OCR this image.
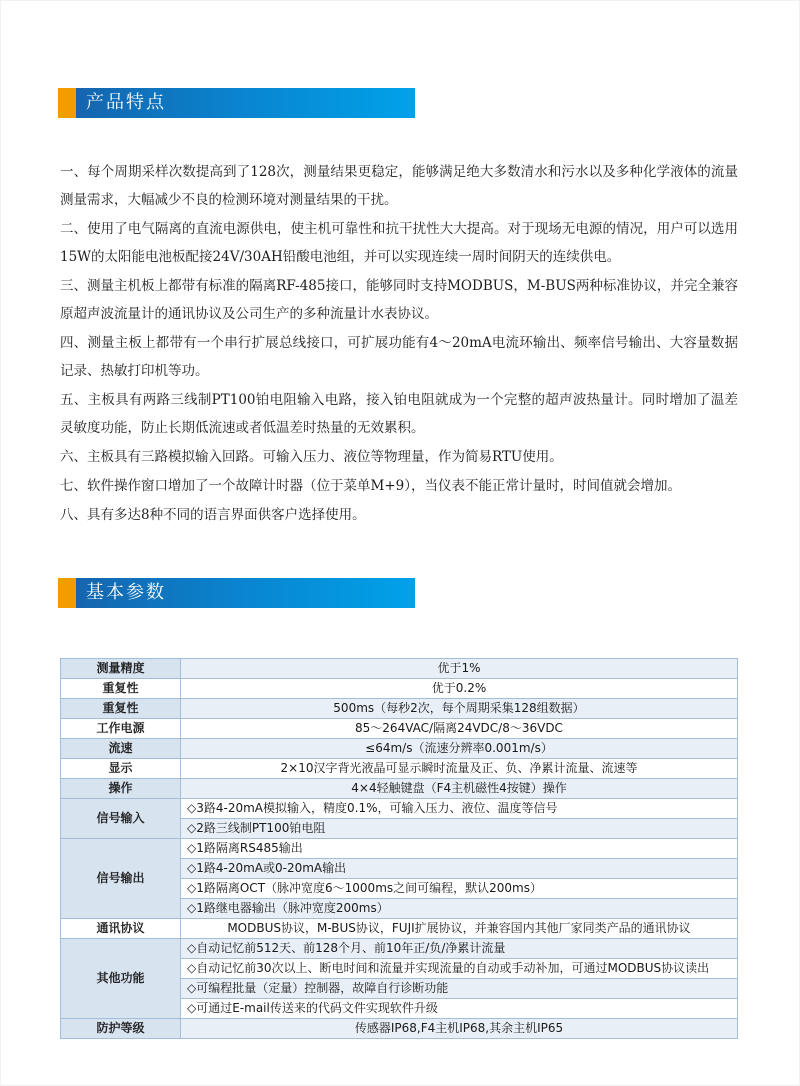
产品特点

一、每个周期采样次数提高到了128次，测量结果更稳定，能够满足绝大多数清水和污水以及多种化学液体的流量测量需求，大幅减少不良的检测环境对测量结果的干扰。

二、使用了电气隔离的直流电源供电，使主机可靠性和抗干扰性大大提高。对于现场无电源的情况，用户可以选用15W的太阳能电池板配接24V/30AH铅酸电池组，并可以实现连续一周时间阴天的连续供电。

三、测量主机板上都带有标准的隔离RF-485接口，能够同时支持MODBUS，M-BUS两种标准协议，并完全兼容原超声波流量计的通讯协议及公司生产的多种流量计水表协议。

四、测量主板上都带有一个串行扩展总线接口，可扩展功能有4～20mA电流环输出、频率信号输出、大容量数据记录、热敏打印机等功。

五、主板具有两路三线制PT100铂电阻输入电路，接入铂电阻就成为一个完整的超声波热量计。同时增加了温差灵敏度功能，防止长期低流速或者低温差时热量的无效累积。

六、主板具有三路模拟输入回路。可输入压力、液位等物理量，作为简易RTU使用。

七、软件操作窗口增加了一个故障计时器（位于菜单M+9），当仪表不能正常计量时，时间值就会增加。

八、具有多达8种不同的语言界面供客户选择使用。

基本参数
测量精度	优于1%
重复性	优于0.2%
重复性	500ms（每秒2次，每个周期采集128组数据）
工作电源	85～264VAC/隔离24VDC/8～36VDC
流速	≤64m/s（流速分辨率0.001m/s）
显示	2×10汉字背光液晶可显示瞬时流量及正、负、净累计流量、流速等
操作	4×4轻触键盘（F4主机磁性4按键）操作
信号输入	◇3路4-20mA模拟输入，精度0.1%，可输入压力、液位、温度等信号
	◇2路三线制PT100铂电阻
信号输出	◇1路隔离RS485输出
	◇1路4-20mA或0-20mA输出
	◇1路隔离OCT（脉冲宽度6～1000ms之间可编程，默认200ms）
	◇1路继电器输出（脉冲宽度200ms）
通讯协议	MODBUS协议，M-BUS协议，FUJI扩展协议，并兼容国内其他厂家同类产品的通讯协议
其他功能	◇自动记忆前512天、前128个月、前10年正/负/净累计流量
	◇自动记忆前30次以上、断电时间和流量并实现流量的自动或手动补加，可通过MODBUS协议读出
	◇可编程批量（定量）控制器，故障自行诊断功能
	◇可通过E-mail传送来的代码文件实现软件升级
防护等级	传感器IP68,F4主机IP68,其余主机IP65
